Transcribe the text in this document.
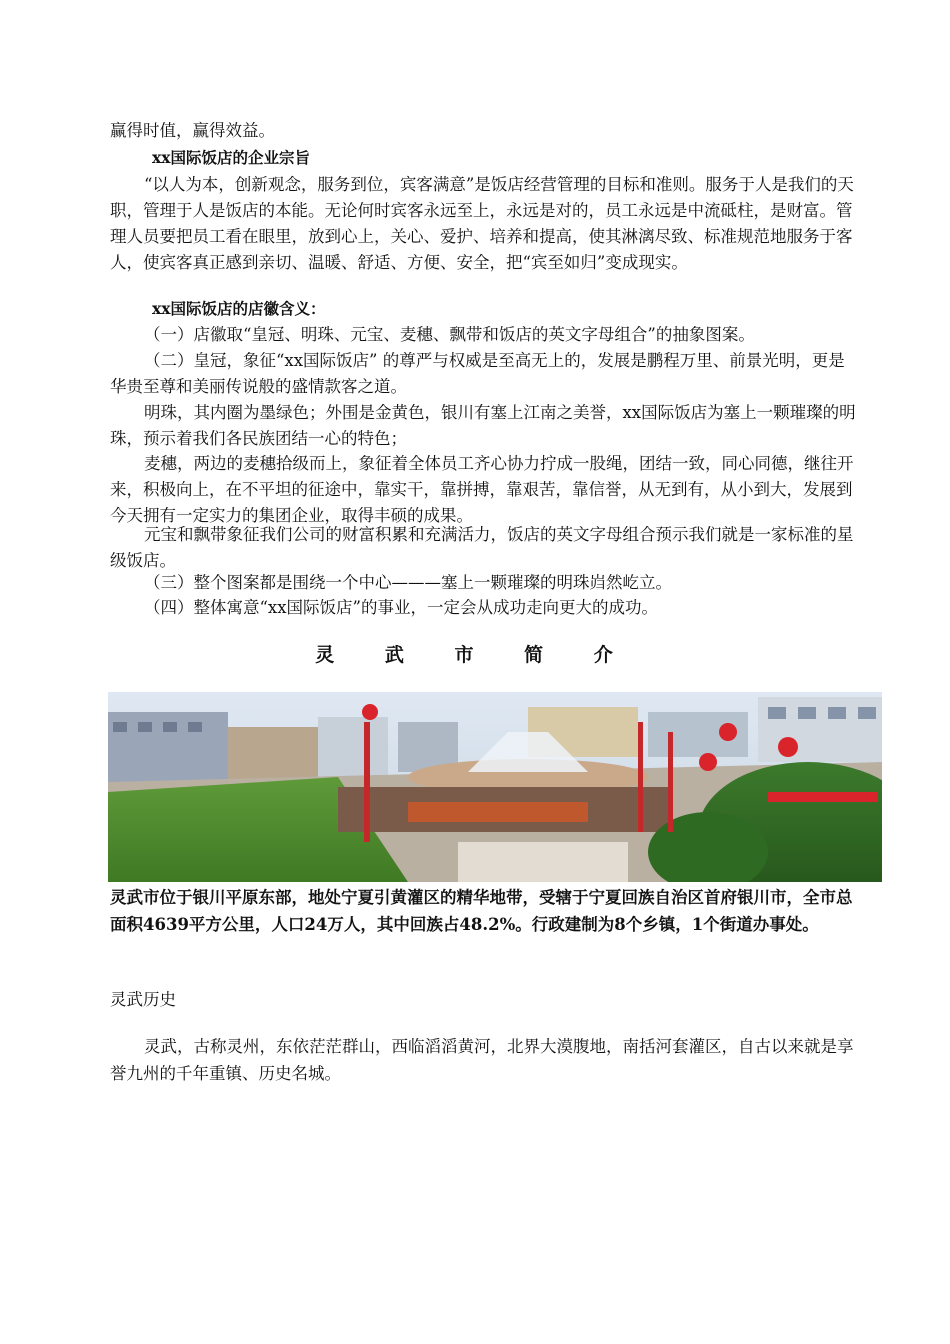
赢得时值，赢得效益。

xx国际饭店的企业宗旨

“以人为本，创新观念，服务到位，宾客满意”是饭店经营管理的目标和准则。服务于人是我们的天职，管理于人是饭店的本能。无论何时宾客永远至上，永远是对的，员工永远是中流砥柱，是财富。管理人员要把员工看在眼里，放到心上，关心、爱护、培养和提高，使其淋漓尽致、标准规范地服务于客人，使宾客真正感到亲切、温暖、舒适、方便、安全，把“宾至如归”变成现实。

xx国际饭店的店徽含义：

（一）店徽取“皇冠、明珠、元宝、麦穗、飘带和饭店的英文字母组合”的抽象图案。

（二）皇冠，象征“xx国际饭店” 的尊严与权威是至高无上的，发展是鹏程万里、前景光明，更是华贵至尊和美丽传说般的盛情款客之道。

明珠，其内圈为墨绿色；外围是金黄色，银川有塞上江南之美誉，xx国际饭店为塞上一颗璀璨的明珠，预示着我们各民族团结一心的特色；

麦穗，两边的麦穗拾级而上，象征着全体员工齐心协力拧成一股绳，团结一致，同心同德，继往开来，积极向上，在不平坦的征途中，靠实干，靠拼搏，靠艰苦，靠信誉，从无到有，从小到大，发展到今天拥有一定实力的集团企业，取得丰硕的成果。

元宝和飘带象征我们公司的财富积累和充满活力，饭店的英文字母组合预示我们就是一家标准的星级饭店。

（三）整个图案都是围绕一个中心———塞上一颗璀璨的明珠岿然屹立。

（四）整体寓意“xx国际饭店”的事业，一定会从成功走向更大的成功。

灵 武 市 简 介

灵武市位于银川平原东部，地处宁夏引黄灌区的精华地带，受辖于宁夏回族自治区首府银川市，全市总面积4639平方公里，人口24万人，其中回族占48.2%。行政建制为8个乡镇，1个街道办事处。

灵武历史

灵武，古称灵州，东依茫茫群山，西临滔滔黄河，北界大漠腹地，南括河套灌区，自古以来就是享誉九州的千年重镇、历史名城。
